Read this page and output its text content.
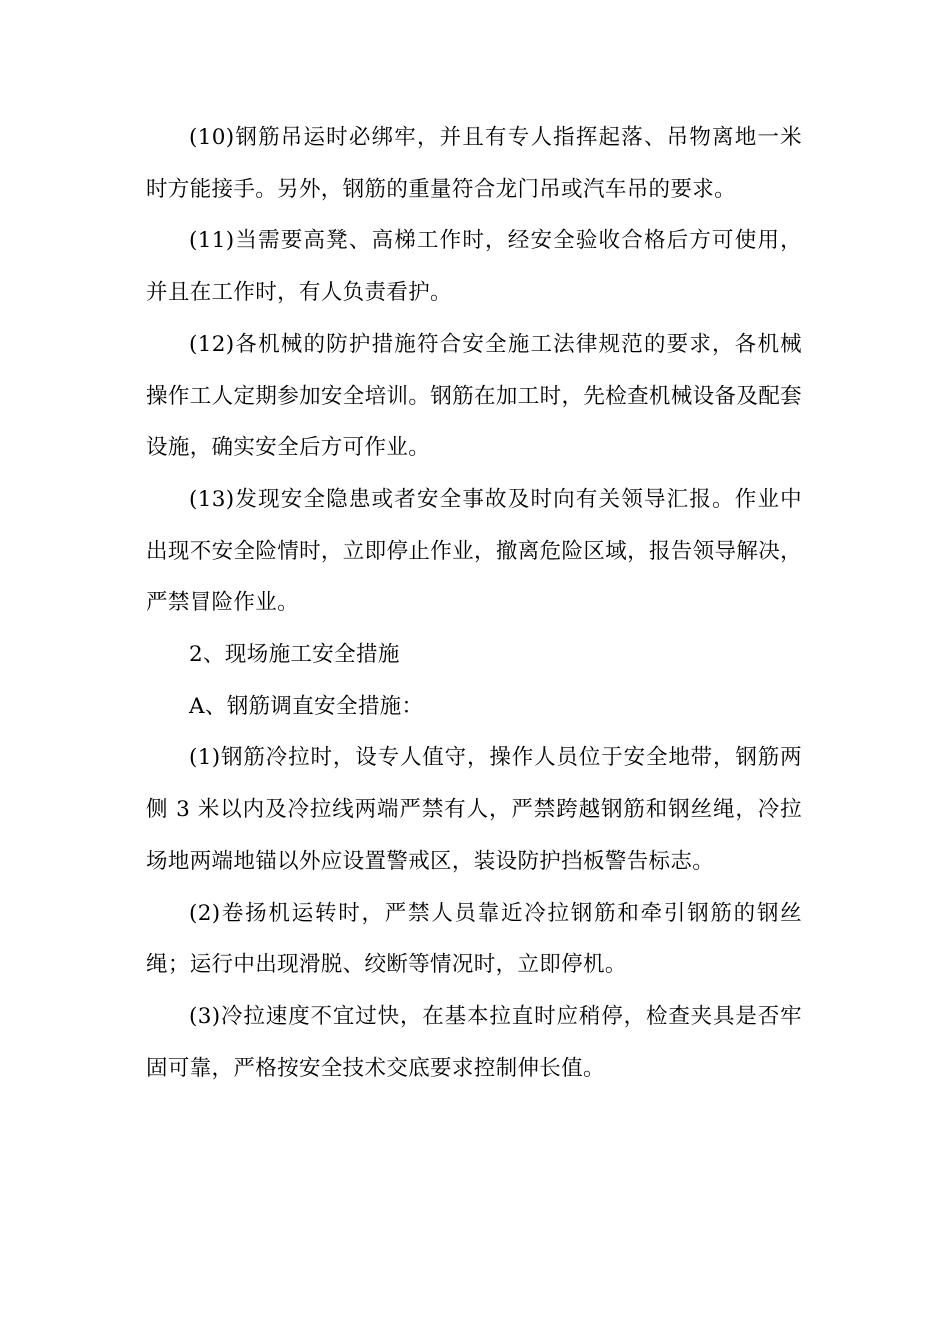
(10)钢筋吊运时必绑牢，并且有专人指挥起落、吊物离地一米时方能接手。另外，钢筋的重量符合龙门吊或汽车吊的要求。

(11)当需要高凳、高梯工作时，经安全验收合格后方可使用，并且在工作时，有人负责看护。

(12)各机械的防护措施符合安全施工法律规范的要求，各机械操作工人定期参加安全培训。钢筋在加工时，先检查机械设备及配套设施，确实安全后方可作业。

(13)发现安全隐患或者安全事故及时向有关领导汇报。作业中出现不安全险情时，立即停止作业，撤离危险区域，报告领导解决，严禁冒险作业。

2、现场施工安全措施

A、钢筋调直安全措施：

(1)钢筋冷拉时，设专人值守，操作人员位于安全地带，钢筋两侧 3 米以内及冷拉线两端严禁有人，严禁跨越钢筋和钢丝绳，冷拉场地两端地锚以外应设置警戒区，装设防护挡板警告标志。

(2)卷扬机运转时，严禁人员靠近冷拉钢筋和牵引钢筋的钢丝绳；运行中出现滑脱、绞断等情况时，立即停机。

(3)冷拉速度不宜过快，在基本拉直时应稍停，检查夹具是否牢固可靠，严格按安全技术交底要求控制伸长值。
